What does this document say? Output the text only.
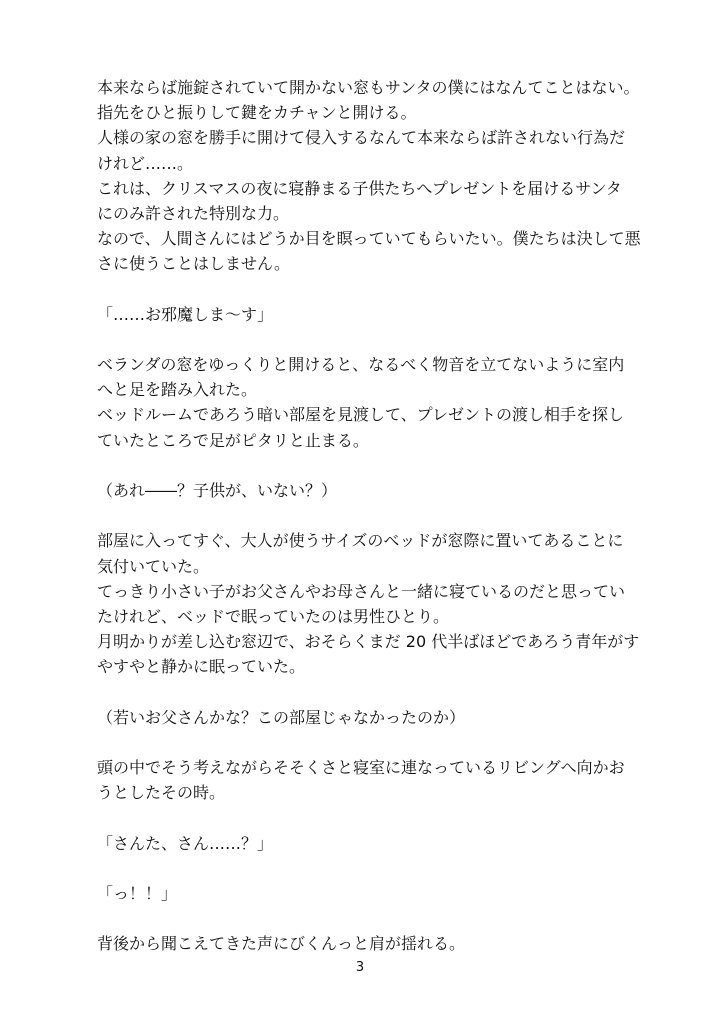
本来ならば施錠されていて開かない窓もサンタの僕にはなんてことはない。
指先をひと振りして鍵をカチャンと開ける。
人様の家の窓を勝手に開けて侵入するなんて本来ならば許されない行為だ
けれど……。
これは、クリスマスの夜に寝静まる子供たちへプレゼントを届けるサンタ
にのみ許された特別な力。
なので、人間さんにはどうか目を瞑っていてもらいたい。僕たちは決して悪
さに使うことはしません。
「……お邪魔しま～す」
ベランダの窓をゆっくりと開けると、なるべく物音を立てないように室内
へと足を踏み入れた。
ベッドルームであろう暗い部屋を見渡して、プレゼントの渡し相手を探し
ていたところで足がピタリと止まる。
（あれ――？子供が、いない？）
部屋に入ってすぐ、大人が使うサイズのベッドが窓際に置いてあることに
気付いていた。
てっきり小さい子がお父さんやお母さんと一緒に寝ているのだと思ってい
たけれど、ベッドで眠っていたのは男性ひとり。
月明かりが差し込む窓辺で、おそらくまだ 20 代半ばほどであろう青年がす
やすやと静かに眠っていた。
（若いお父さんかな？この部屋じゃなかったのか）
頭の中でそう考えながらそそくさと寝室に連なっているリビングへ向かお
うとしたその時。
「さんた、さん……？」
「っ！！」
背後から聞こえてきた声にびくんっと肩が揺れる。
3
